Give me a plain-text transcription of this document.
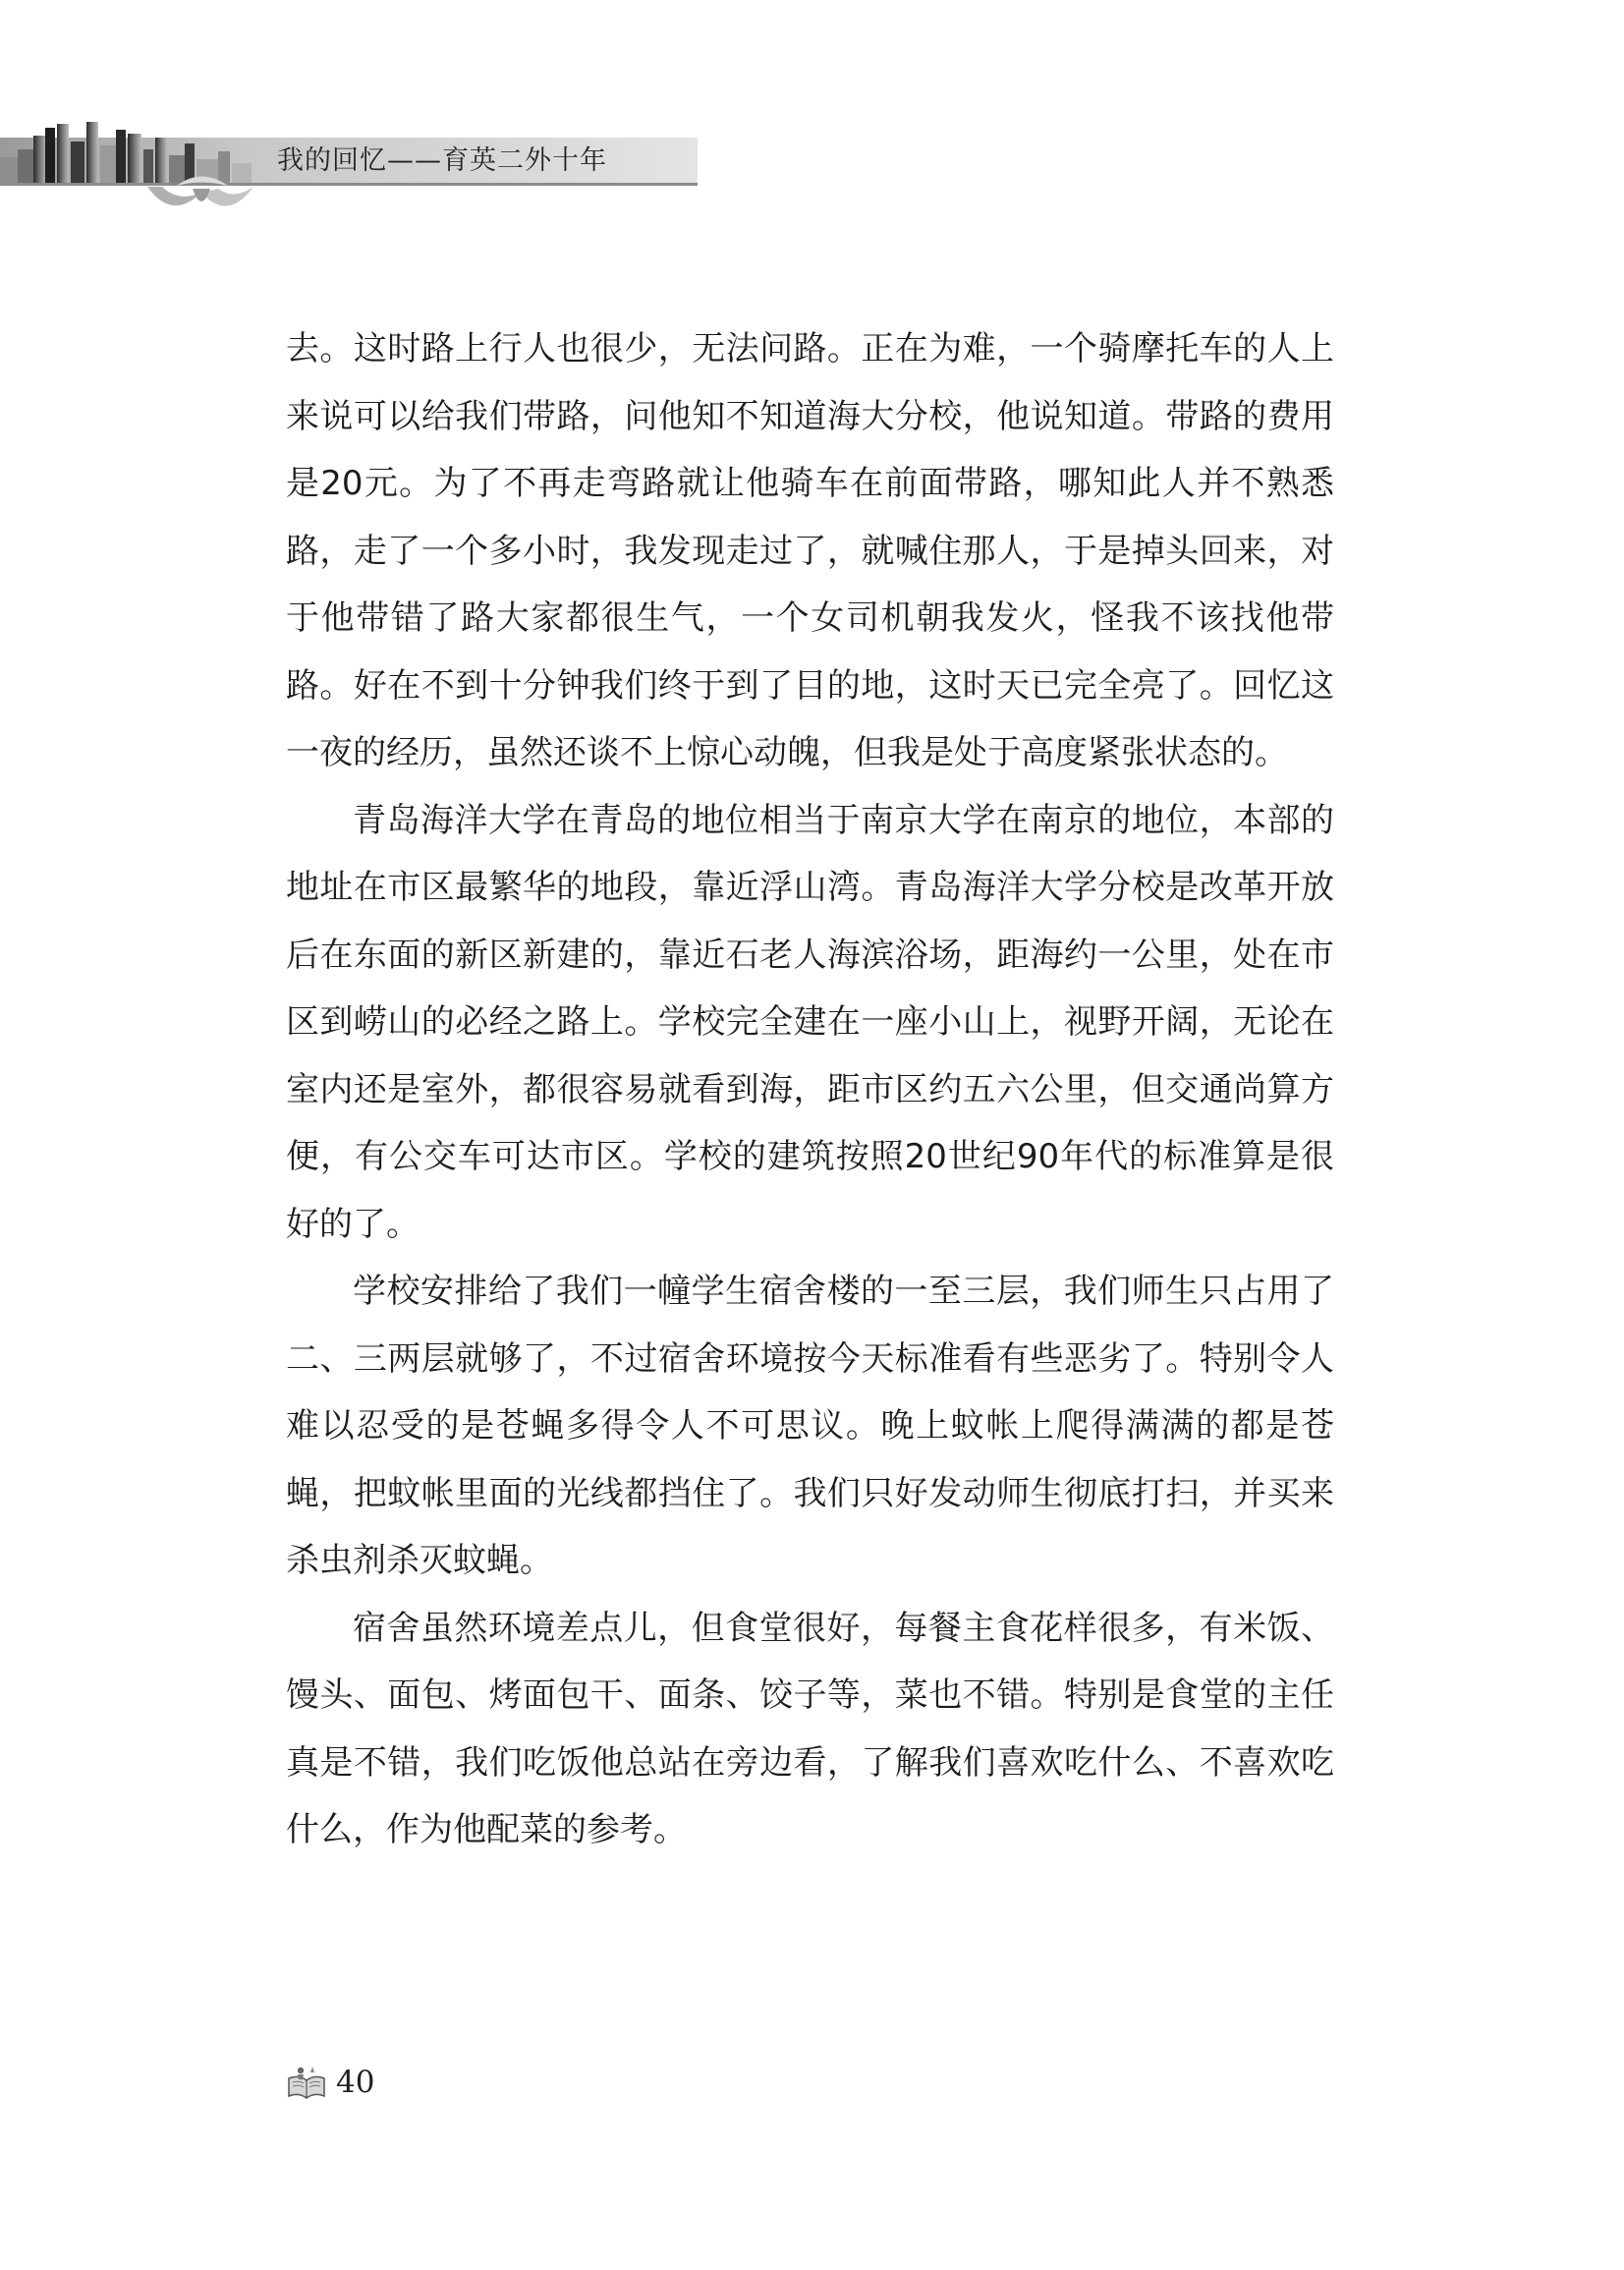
我的回忆——育英二外十年

去。这时路上行人也很少，无法问路。正在为难，一个骑摩托车的人上来说可以给我们带路，问他知不知道海大分校，他说知道。带路的费用是20元。为了不再走弯路就让他骑车在前面带路，哪知此人并不熟悉路，走了一个多小时，我发现走过了，就喊住那人，于是掉头回来，对于他带错了路大家都很生气，一个女司机朝我发火，怪我不该找他带路。好在不到十分钟我们终于到了目的地，这时天已完全亮了。回忆这一夜的经历，虽然还谈不上惊心动魄，但我是处于高度紧张状态的。

青岛海洋大学在青岛的地位相当于南京大学在南京的地位，本部的地址在市区最繁华的地段，靠近浮山湾。青岛海洋大学分校是改革开放后在东面的新区新建的，靠近石老人海滨浴场，距海约一公里，处在市区到崂山的必经之路上。学校完全建在一座小山上，视野开阔，无论在室内还是室外，都很容易就看到海，距市区约五六公里，但交通尚算方便，有公交车可达市区。学校的建筑按照20世纪90年代的标准算是很好的了。

学校安排给了我们一幢学生宿舍楼的一至三层，我们师生只占用了二、三两层就够了，不过宿舍环境按今天标准看有些恶劣了。特别令人难以忍受的是苍蝇多得令人不可思议。晚上蚊帐上爬得满满的都是苍蝇，把蚊帐里面的光线都挡住了。我们只好发动师生彻底打扫，并买来杀虫剂杀灭蚊蝇。

宿舍虽然环境差点儿，但食堂很好，每餐主食花样很多，有米饭、馒头、面包、烤面包干、面条、饺子等，菜也不错。特别是食堂的主任真是不错，我们吃饭他总站在旁边看，了解我们喜欢吃什么、不喜欢吃什么，作为他配菜的参考。

40
